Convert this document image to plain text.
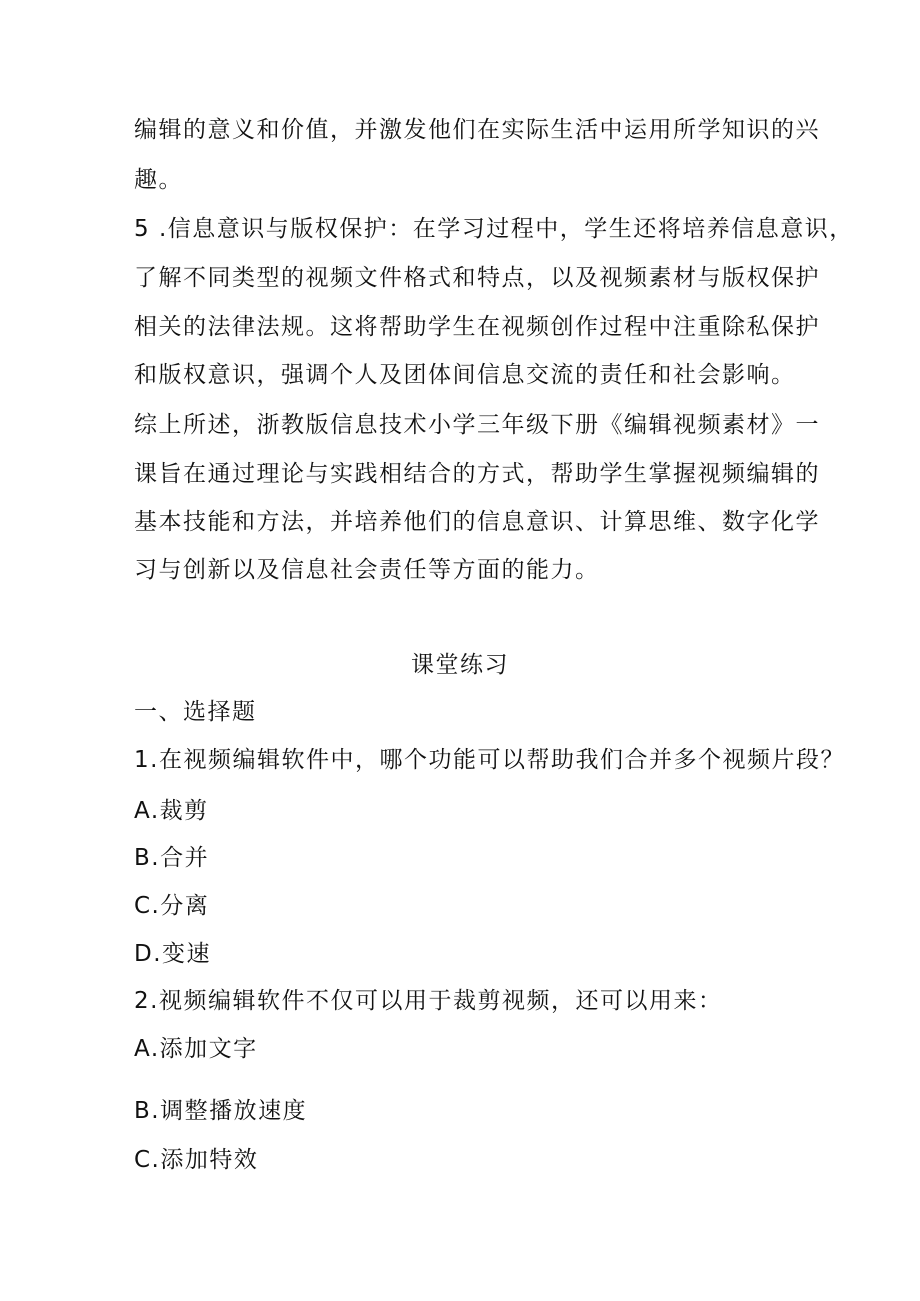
编辑的意义和价值，并激发他们在实际生活中运用所学知识的兴
趣。
5 .信息意识与版权保护：在学习过程中，学生还将培养信息意识，
了解不同类型的视频文件格式和特点，以及视频素材与版权保护
相关的法律法规。这将帮助学生在视频创作过程中注重除私保护
和版权意识，强调个人及团体间信息交流的责任和社会影响。
综上所述，浙教版信息技术小学三年级下册《编辑视频素材》一
课旨在通过理论与实践相结合的方式，帮助学生掌握视频编辑的
基本技能和方法，并培养他们的信息意识、计算思维、数字化学
习与创新以及信息社会责任等方面的能力。
课堂练习
一、选择题
1.在视频编辑软件中，哪个功能可以帮助我们合并多个视频片段？
A.裁剪
B.合并
C.分离
D.变速
2.视频编辑软件不仅可以用于裁剪视频，还可以用来：
A.添加文字
B.调整播放速度
C.添加特效
